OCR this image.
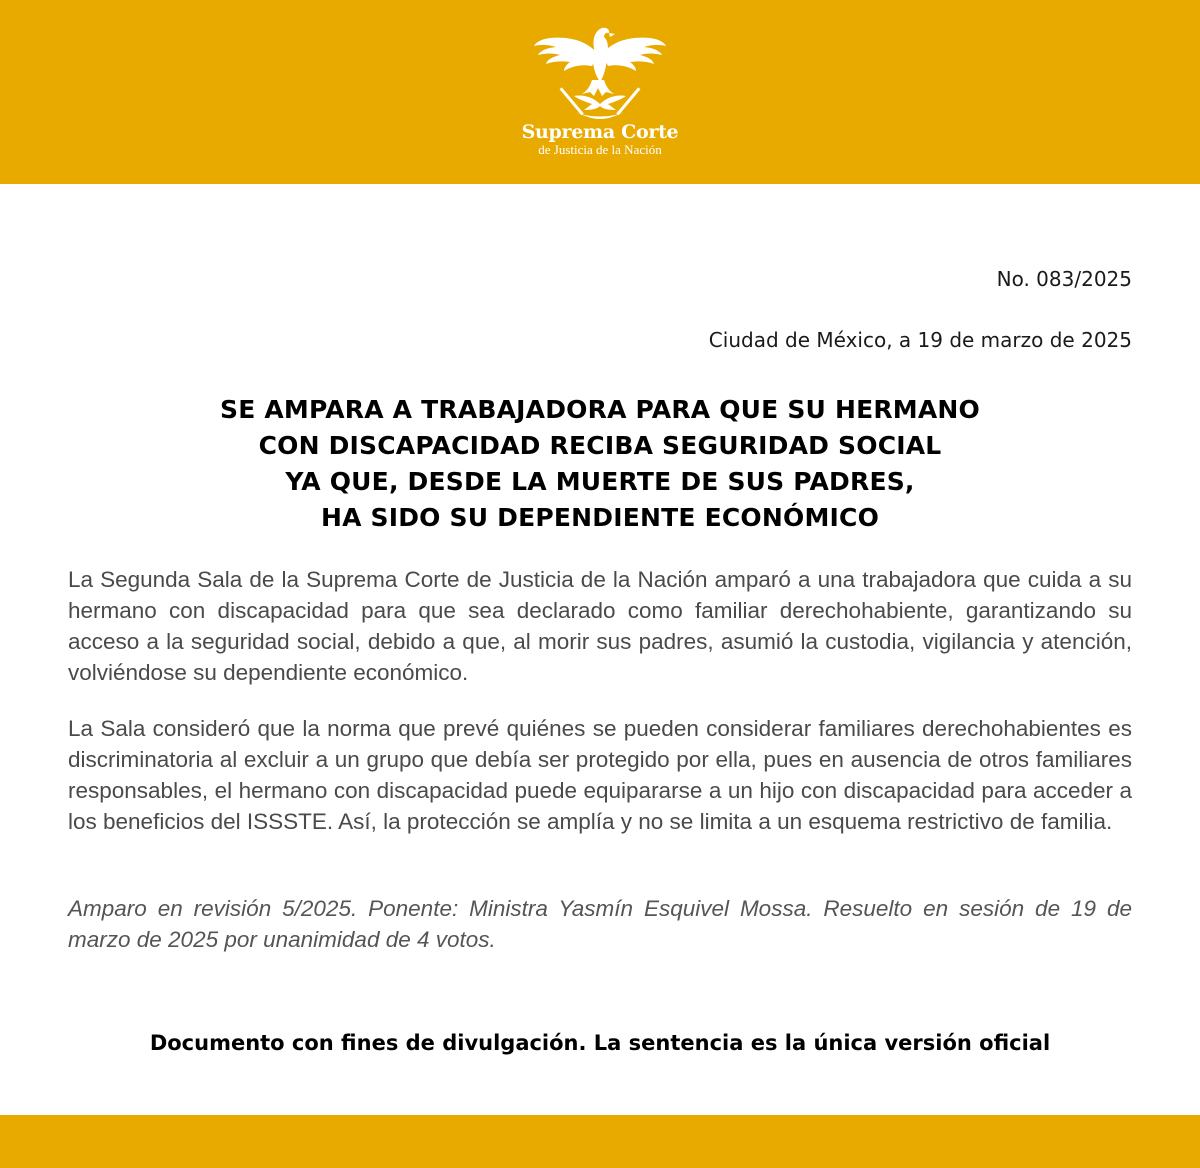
Suprema Corte
de Justicia de la Nación
No. 083/2025
Ciudad de México, a 19 de marzo de 2025
SE AMPARA A TRABAJADORA PARA QUE SU HERMANO
CON DISCAPACIDAD RECIBA SEGURIDAD SOCIAL
YA QUE, DESDE LA MUERTE DE SUS PADRES,
HA SIDO SU DEPENDIENTE ECONÓMICO
La Segunda Sala de la Suprema Corte de Justicia de la Nación amparó a una trabajadora que cuida a su hermano con discapacidad para que sea declarado como familiar derechohabiente, garantizando su acceso a la seguridad social, debido a que, al morir sus padres, asumió la custodia, vigilancia y atención, volviéndose su dependiente económico.
La Sala consideró que la norma que prevé quiénes se pueden considerar familiares derechohabientes es discriminatoria al excluir a un grupo que debía ser protegido por ella, pues en ausencia de otros familiares responsables, el hermano con discapacidad puede equipararse a un hijo con discapacidad para acceder a los beneficios del ISSSTE. Así, la protección se amplía y no se limita a un esquema restrictivo de familia.
Amparo en revisión 5/2025. Ponente: Ministra Yasmín Esquivel Mossa. Resuelto en sesión de 19 de marzo de 2025 por unanimidad de 4 votos.
Documento con fines de divulgación. La sentencia es la única versión oficial
